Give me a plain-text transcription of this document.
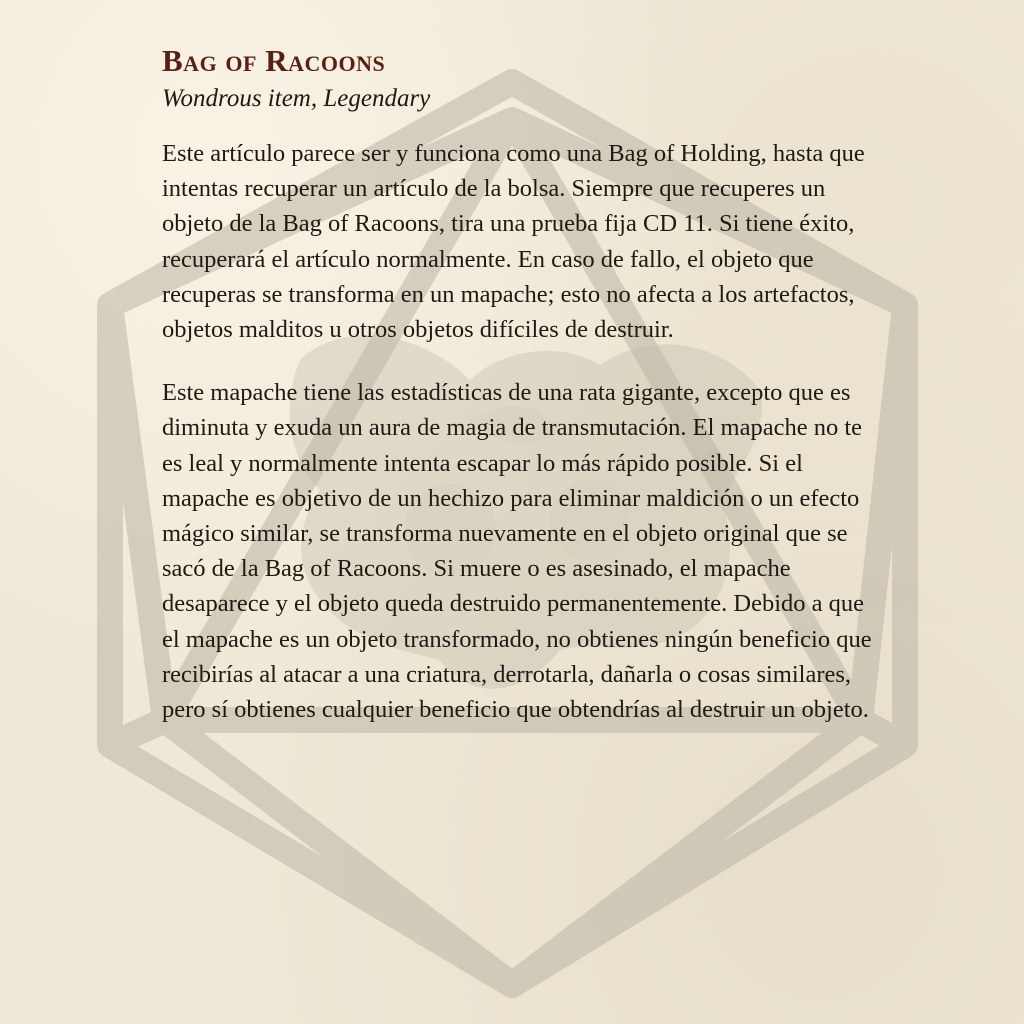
Bag of Racoons

Wondrous item, Legendary

Este artículo parece ser y funciona como una Bag of Holding, hasta que intentas recuperar un artículo de la bolsa. Siempre que recuperes un objeto de la Bag of Racoons, tira una prueba fija CD 11. Si tiene éxito, recuperará el artículo normalmente. En caso de fallo, el objeto que recuperas se transforma en un mapache; esto no afecta a los artefactos, objetos malditos u otros objetos difíciles de destruir.

Este mapache tiene las estadísticas de una rata gigante, excepto que es diminuta y exuda un aura de magia de transmutación. El mapache no te es leal y normalmente intenta escapar lo más rápido posible. Si el mapache es objetivo de un hechizo para eliminar maldición o un efecto mágico similar, se transforma nuevamente en el objeto original que se sacó de la Bag of Racoons. Si muere o es asesinado, el mapache desaparece y el objeto queda destruido permanentemente. Debido a que el mapache es un objeto transformado, no obtienes ningún beneficio que recibirías al atacar a una criatura, derrotarla, dañarla o cosas similares, pero sí obtienes cualquier beneficio que obtendrías al destruir un objeto.
